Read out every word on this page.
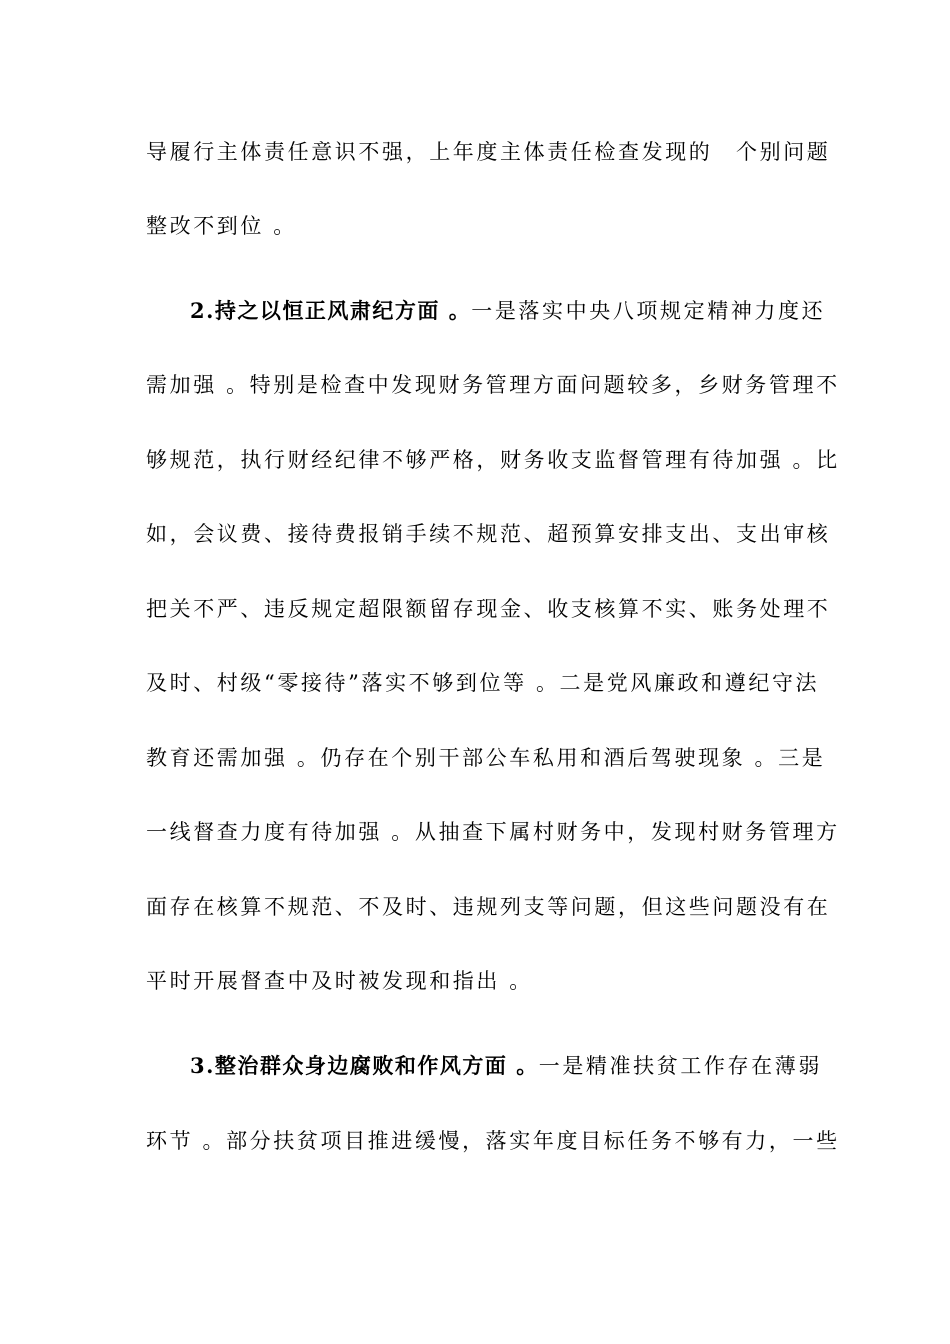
导履行主体责任意识不强，上年度主体责任检查发现的　个别问题
整改不到位 。
2.持之以恒正风肃纪方面 。一是落实中央八项规定精神力度还
需加强 。特别是检查中发现财务管理方面问题较多，乡财务管理不
够规范，执行财经纪律不够严格，财务收支监督管理有待加强 。比
如，会议费、接待费报销手续不规范、超预算安排支出、支出审核
把关不严、违反规定超限额留存现金、收支核算不实、账务处理不
及时、村级“零接待”落实不够到位等 。二是党风廉政和遵纪守法
教育还需加强 。仍存在个别干部公车私用和酒后驾驶现象 。三是
一线督查力度有待加强 。从抽查下属村财务中，发现村财务管理方
面存在核算不规范、不及时、违规列支等问题，但这些问题没有在
平时开展督查中及时被发现和指出 。
3.整治群众身边腐败和作风方面 。一是精准扶贫工作存在薄弱
环节 。部分扶贫项目推进缓慢，落实年度目标任务不够有力，一些
